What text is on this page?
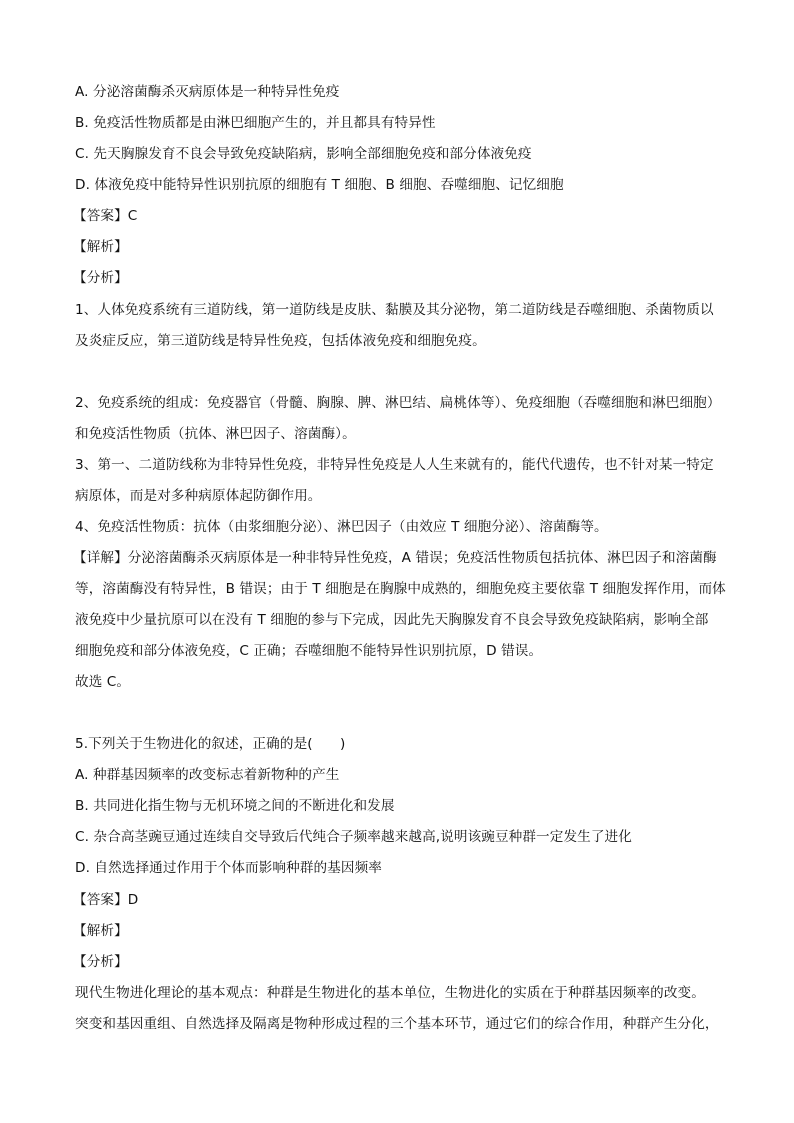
A. 分泌溶菌酶杀灭病原体是一种特异性免疫
B. 免疫活性物质都是由淋巴细胞产生的，并且都具有特异性
C. 先天胸腺发育不良会导致免疫缺陷病，影响全部细胞免疫和部分体液免疫
D. 体液免疫中能特异性识别抗原的细胞有 T 细胞、B 细胞、吞噬细胞、记忆细胞
【答案】C
【解析】
【分析】
1、人体免疫系统有三道防线，第一道防线是皮肤、黏膜及其分泌物，第二道防线是吞噬细胞、杀菌物质以
及炎症反应，第三道防线是特异性免疫，包括体液免疫和细胞免疫。
2、免疫系统的组成：免疫器官（骨髓、胸腺、脾、淋巴结、扁桃体等）、免疫细胞（吞噬细胞和淋巴细胞）
和免疫活性物质（抗体、淋巴因子、溶菌酶）。
3、第一、二道防线称为非特异性免疫，非特异性免疫是人人生来就有的，能代代遗传，也不针对某一特定
病原体，而是对多种病原体起防御作用。
4、免疫活性物质：抗体（由浆细胞分泌）、淋巴因子（由效应 T 细胞分泌）、溶菌酶等。
【详解】分泌溶菌酶杀灭病原体是一种非特异性免疫，A 错误；免疫活性物质包括抗体、淋巴因子和溶菌酶
等，溶菌酶没有特异性，B 错误；由于 T 细胞是在胸腺中成熟的，细胞免疫主要依靠 T 细胞发挥作用，而体
液免疫中少量抗原可以在没有 T 细胞的参与下完成，因此先天胸腺发育不良会导致免疫缺陷病，影响全部
细胞免疫和部分体液免疫，C 正确；吞噬细胞不能特异性识别抗原，D 错误。
故选 C。
5.下列关于生物进化的叙述，正确的是(　　)
A. 种群基因频率的改变标志着新物种的产生
B. 共同进化指生物与无机环境之间的不断进化和发展
C. 杂合高茎豌豆通过连续自交导致后代纯合子频率越来越高,说明该豌豆种群一定发生了进化
D. 自然选择通过作用于个体而影响种群的基因频率
【答案】D
【解析】
【分析】
现代生物进化理论的基本观点：种群是生物进化的基本单位，生物进化的实质在于种群基因频率的改变。
突变和基因重组、自然选择及隔离是物种形成过程的三个基本环节，通过它们的综合作用，种群产生分化，
